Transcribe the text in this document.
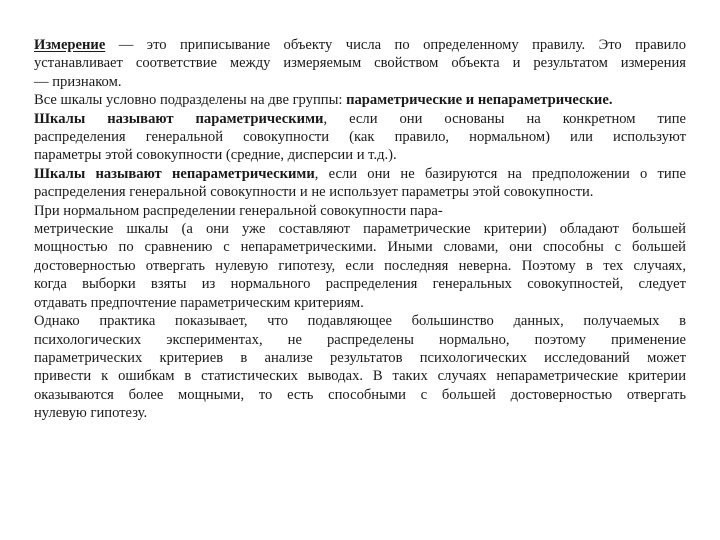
Измерение — это приписывание объекту числа по определенному правилу. Это правило
устанавливает соответствие между измеряемым свойством объекта и результатом измерения
— признаком.
Все шкалы условно подразделены на две группы: параметрические и непараметрические.
Шкалы называют параметрическими, если они основаны на конкретном типе
распределения генеральной совокупности (как правило, нормальном) или используют
параметры этой совокупности (средние, дисперсии и т.д.).
Шкалы называют непараметрическими, если они не базируются на предположении о типе
распределения генеральной совокупности и не использует параметры этой совокупности.
При нормальном распределении генеральной совокупности пара-
метрические шкалы (а они уже составляют параметрические критерии) обладают большей
мощностью по сравнению с непараметрическими. Иными словами, они способны с большей
достоверностью отвергать нулевую гипотезу, если последняя неверна. Поэтому в тех случаях,
когда выборки взяты из нормального распределения генеральных совокупностей, следует
отдавать предпочтение параметрическим критериям.
Однако практика показывает, что подавляющее большинство данных, получаемых в
психологических экспериментах, не распределены нормально, поэтому применение
параметрических критериев в анализе результатов психологических исследований может
привести к ошибкам в статистических выводах. В таких случаях непараметрические критерии
оказываются более мощными, то есть способными с большей достоверностью отвергать
нулевую гипотезу.
